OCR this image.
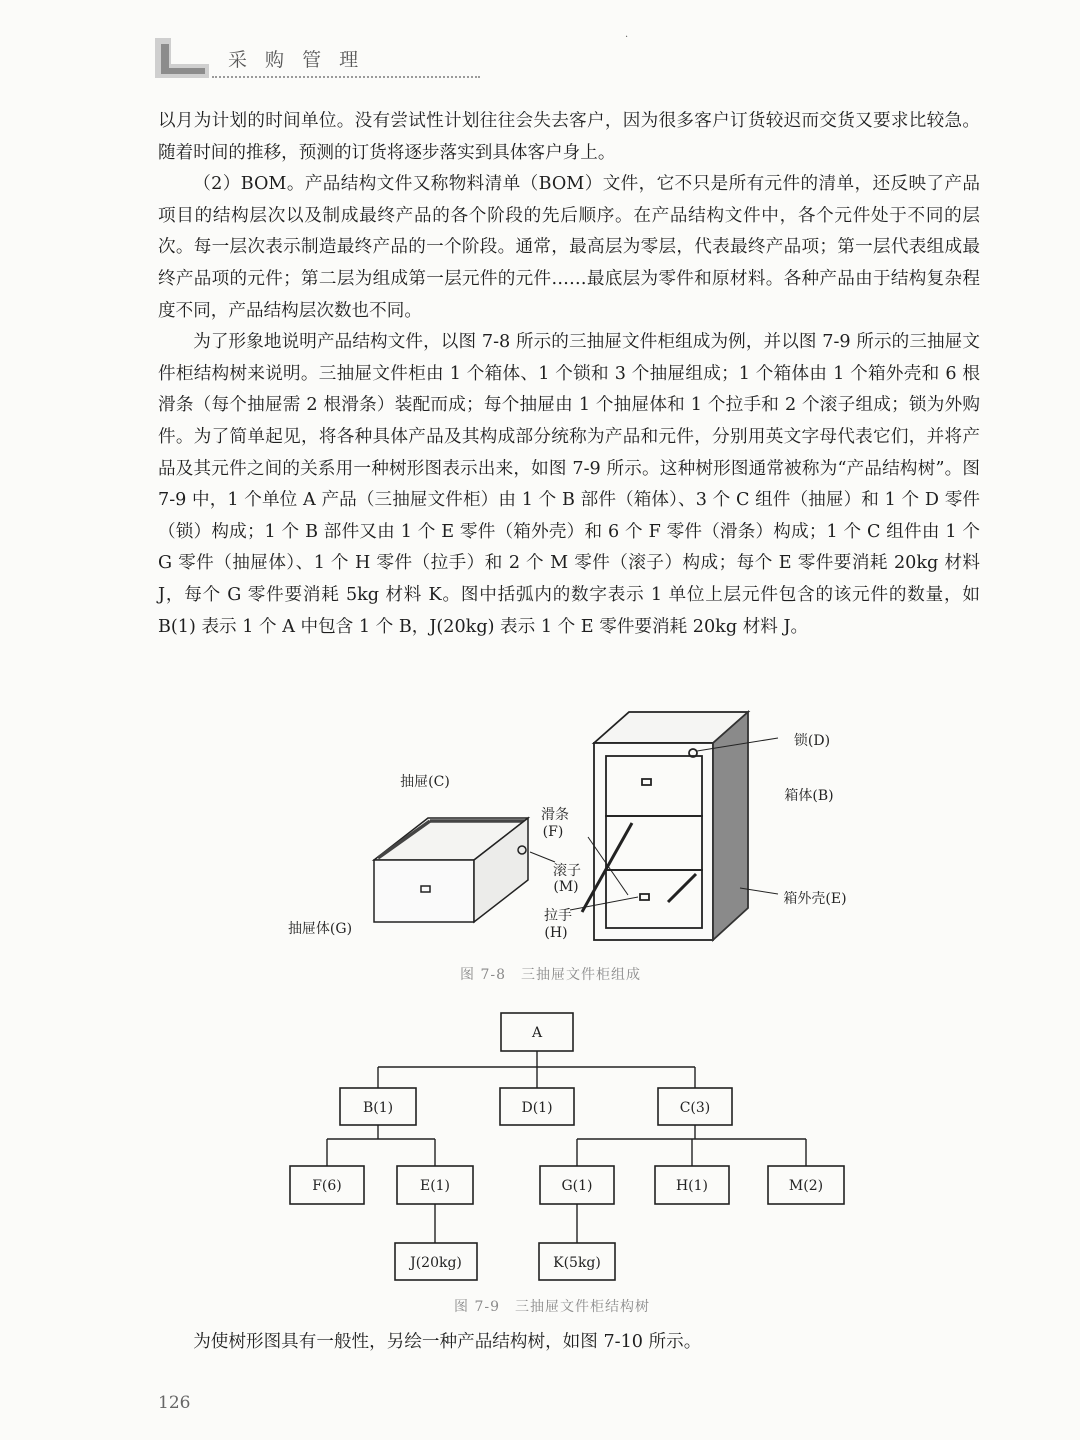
采 购 管 理
·

以月为计划的时间单位。没有尝试性计划往往会失去客户，因为很多客户订货较迟而交货又要求比较急。随着时间的推移，预测的订货将逐步落实到具体客户身上。

（2）BOM。产品结构文件又称物料清单（BOM）文件，它不只是所有元件的清单，还反映了产品项目的结构层次以及制成最终产品的各个阶段的先后顺序。在产品结构文件中，各个元件处于不同的层次。每一层次表示制造最终产品的一个阶段。通常，最高层为零层，代表最终产品项；第一层代表组成最终产品项的元件；第二层为组成第一层元件的元件……最底层为零件和原材料。各种产品由于结构复杂程度不同，产品结构层次数也不同。

为了形象地说明产品结构文件，以图 7-8 所示的三抽屉文件柜组成为例，并以图 7-9 所示的三抽屉文件柜结构树来说明。三抽屉文件柜由 1 个箱体、1 个锁和 3 个抽屉组成；1 个箱体由 1 个箱外壳和 6 根滑条（每个抽屉需 2 根滑条）装配而成；每个抽屉由 1 个抽屉体和 1 个拉手和 2 个滚子组成；锁为外购件。为了简单起见，将各种具体产品及其构成部分统称为产品和元件，分别用英文字母代表它们，并将产品及其元件之间的关系用一种树形图表示出来，如图 7-9 所示。这种树形图通常被称为“产品结构树”。图 7-9 中，1 个单位 A 产品（三抽屉文件柜）由 1 个 B 部件（箱体）、3 个 C 组件（抽屉）和 1 个 D 零件（锁）构成；1 个 B 部件又由 1 个 E 零件（箱外壳）和 6 个 F 零件（滑条）构成；1 个 C 组件由 1 个 G 零件（抽屉体）、1 个 H 零件（拉手）和 2 个 M 零件（滚子）构成；每个 E 零件要消耗 20kg 材料 J，每个 G 零件要消耗 5kg 材料 K。图中括弧内的数字表示 1 单位上层元件包含的该元件的数量，如 B(1) 表示 1 个 A 中包含 1 个 B，J(20kg) 表示 1 个 E 零件要消耗 20kg 材料 J。

抽屉(C)
抽屉体(G)
滑条
(F)
滚子
(M)
拉手
(H)
锁(D)
箱体(B)
箱外壳(E)
图 7-8　三抽屉文件柜组成
A
B(1)	D(1)	C(3)
F(6)	E(1)	G(1)	H(1)	M(2)
J(20kg)	K(5kg)
图 7-9　三抽屉文件柜结构树
为使树形图具有一般性，另绘一种产品结构树，如图 7-10 所示。
126
